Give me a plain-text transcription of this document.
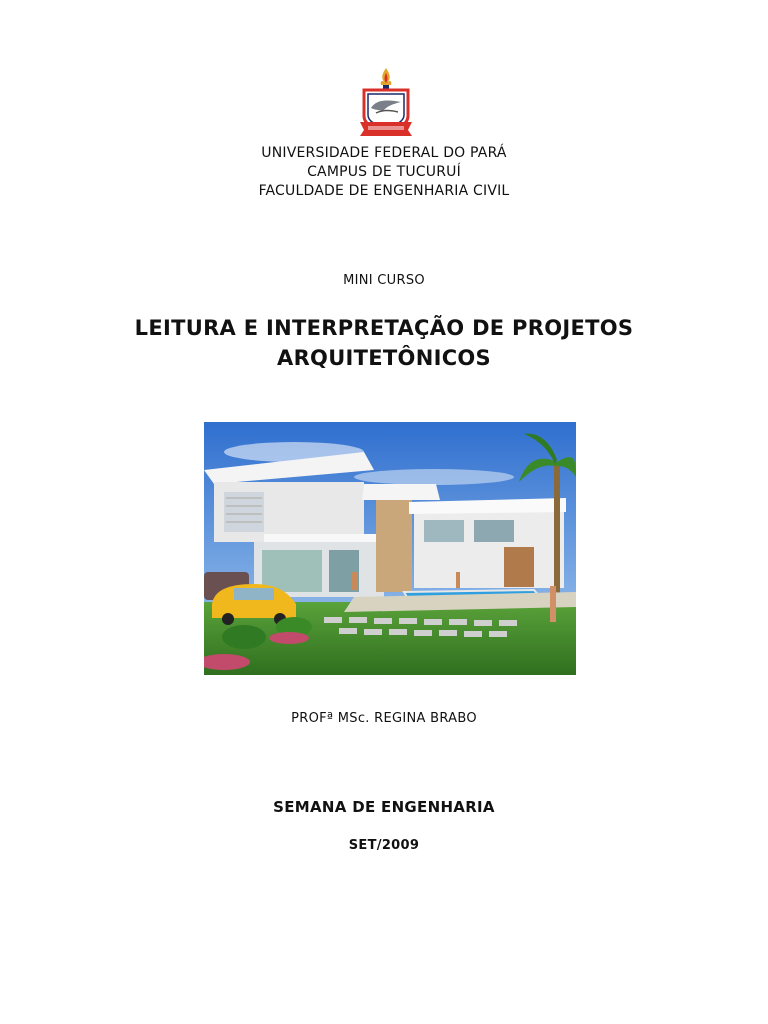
UNIVERSIDADE FEDERAL DO PARÁ
CAMPUS DE TUCURUÍ
FACULDADE DE ENGENHARIA CIVIL
MINI CURSO
LEITURA E INTERPRETAÇÃO DE PROJETOS
ARQUITETÔNICOS
PROFª MSc. REGINA BRABO
SEMANA DE ENGENHARIA
SET/2009
